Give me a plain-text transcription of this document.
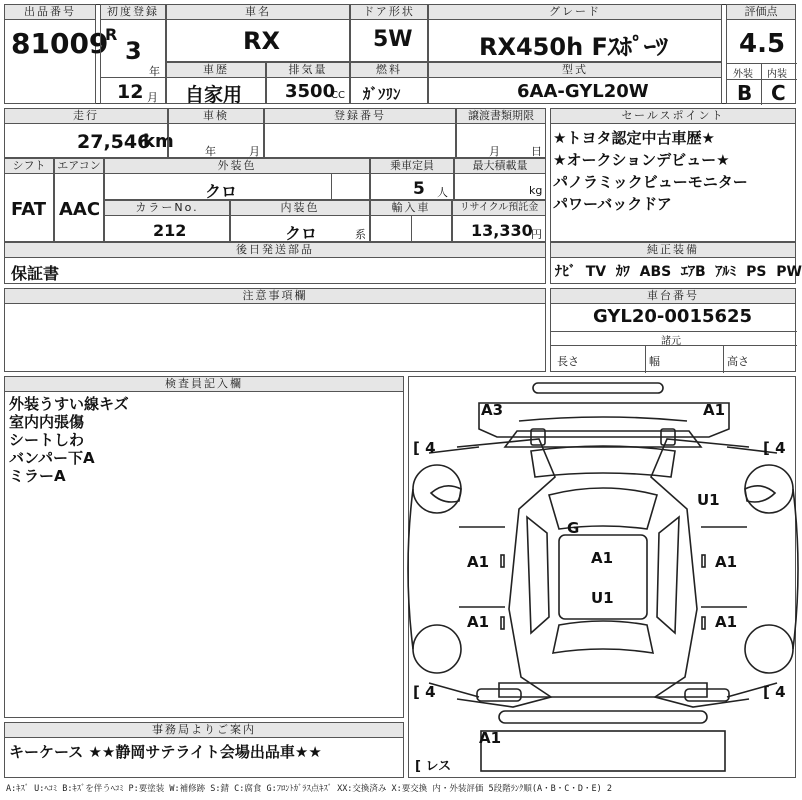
出品番号
81009
初度登録
R
3
年
12 月
車名
RX
ドア形状
5W
グレード
RX450h Fｽﾎﾟｰﾂ
評価点
4.5
外装 内装
B C
車歴
自家用
排気量
3500
CC
燃料
ｶﾞｿﾘﾝ
型式
6AA-GYL20W
走行
27,546
km
車検
年	月
登録番号	譲渡書類期限
月	日
シフト
FAT
エアコン
AAC
外装色
クロ
乗車定員
5 人
最大積載量
kg
カラーNo.
212
内装色
クロ	系
輸入車	リサイクル預託金
13,330
円
後日発送部品
保証書
セールスポイント
★トヨタ認定中古車歴★
★オークションデビュー★
パノラミックビューモニター
パワーバックドア
純正装備
ﾅﾋﾞ TV ｶﾜ ABS ｴｱB ｱﾙﾐ PS PW
注意事項欄	車台番号
GYL20-0015625
諸元
長さ	幅	高さ
検査員記入欄
外装うすい線キズ
室内内張傷
シートしわ
バンパー下A
ミラーA
事務局よりご案内
キーケース ★★静岡サテライト会場出品車★★
[ 4	[ 4
[ 4	[ 4
A3	A1
U1
G
A1	A1	A1
U1
A1	A1
A1
[ レス
A:ｷｽﾞ U:ﾍｺﾐ B:ｷｽﾞを伴うﾍｺﾐ P:要塗装 W:補修跡 S:錆 C:腐食 G:ﾌﾛﾝﾄｶﾞﾗｽ点ｷｽﾞ XX:交換済み X:要交換 内・外装評価 5段階ﾗﾝｸ順(A・B・C・D・E) 2
